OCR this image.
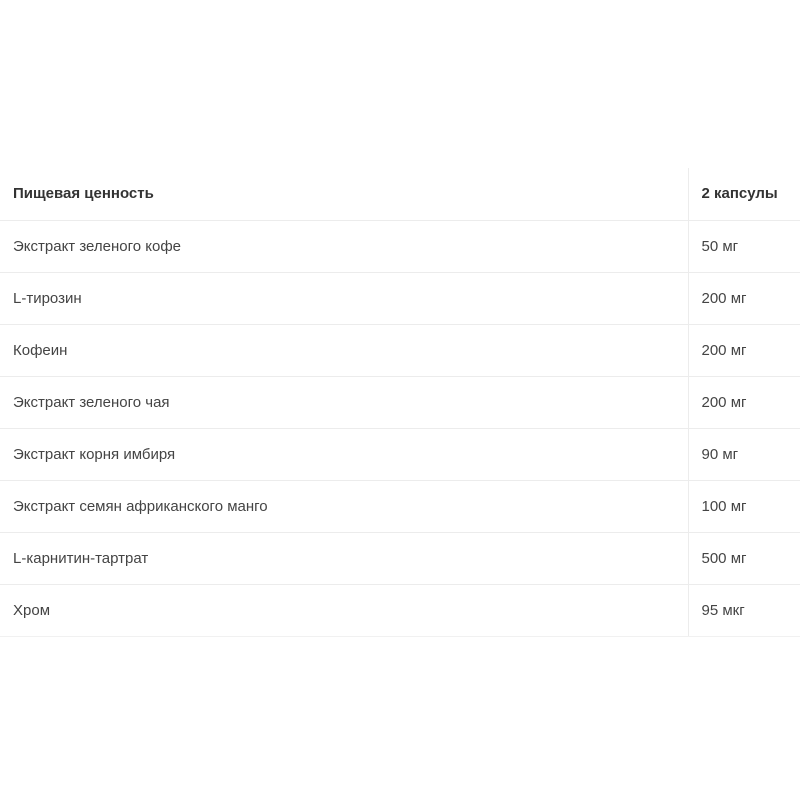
Пищевая ценность	2 капсулы
Экстракт зеленого кофе	50 мг
L-тирозин	200 мг
Кофеин	200 мг
Экстракт зеленого чая	200 мг
Экстракт корня имбиря	90 мг
Экстракт семян африканского манго	100 мг
L-карнитин-тартрат	500 мг
Хром	95 мкг
